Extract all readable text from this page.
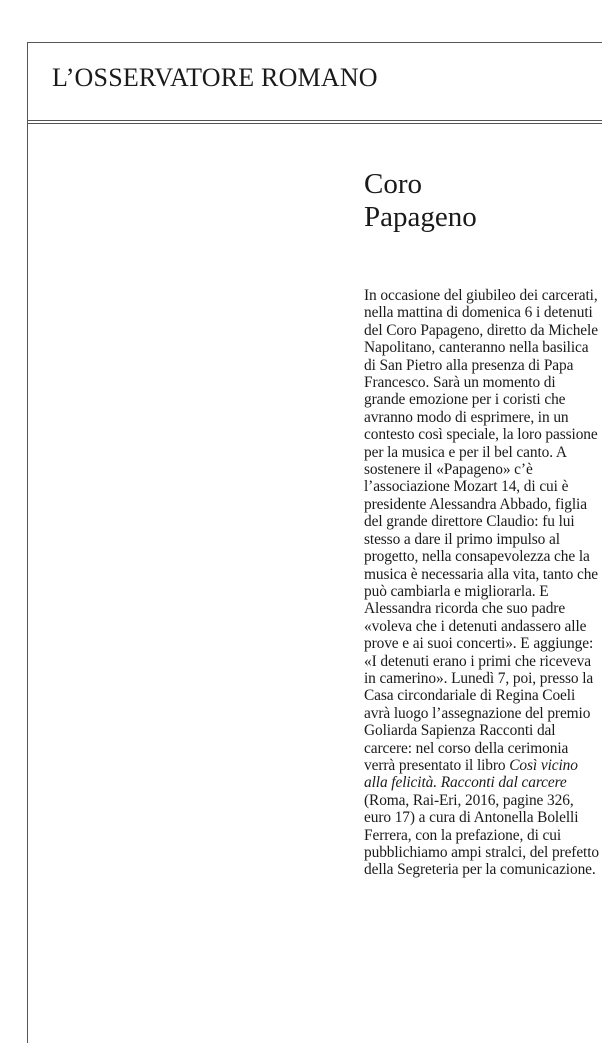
L’OSSERVATORE ROMANO
Coro
Papageno

In occasione del giubileo dei carcerati, nella mattina di domenica 6 i detenuti del Coro Papageno, diretto da Michele Napolitano, canteranno nella basilica di San Pietro alla presenza di Papa Francesco. Sarà un momento di grande emozione per i coristi che avranno modo di esprimere, in un contesto così speciale, la loro passione per la musica e per il bel canto. A sostenere il «Papageno» c’è l’associazione Mozart 14, di cui è presidente Alessandra Abbado, figlia del grande direttore Claudio: fu lui stesso a dare il primo impulso al progetto, nella consapevolezza che la musica è necessaria alla vita, tanto che può cambiarla e migliorarla. E Alessandra ricorda che suo padre «voleva che i detenuti andassero alle prove e ai suoi concerti». E aggiunge: «I detenuti erano i primi che riceveva in camerino». Lunedì 7, poi, presso la Casa circondariale di Regina Coeli avrà luogo l’assegnazione del premio Goliarda Sapienza Racconti dal carcere: nel corso della cerimonia verrà presentato il libro Così vicino alla felicità. Racconti dal carcere (Roma, Rai-Eri, 2016, pagine 326, euro 17) a cura di Antonella Bolelli Ferrera, con la prefazione, di cui pubblichiamo ampi stralci, del prefetto della Segreteria per la comunicazione.
